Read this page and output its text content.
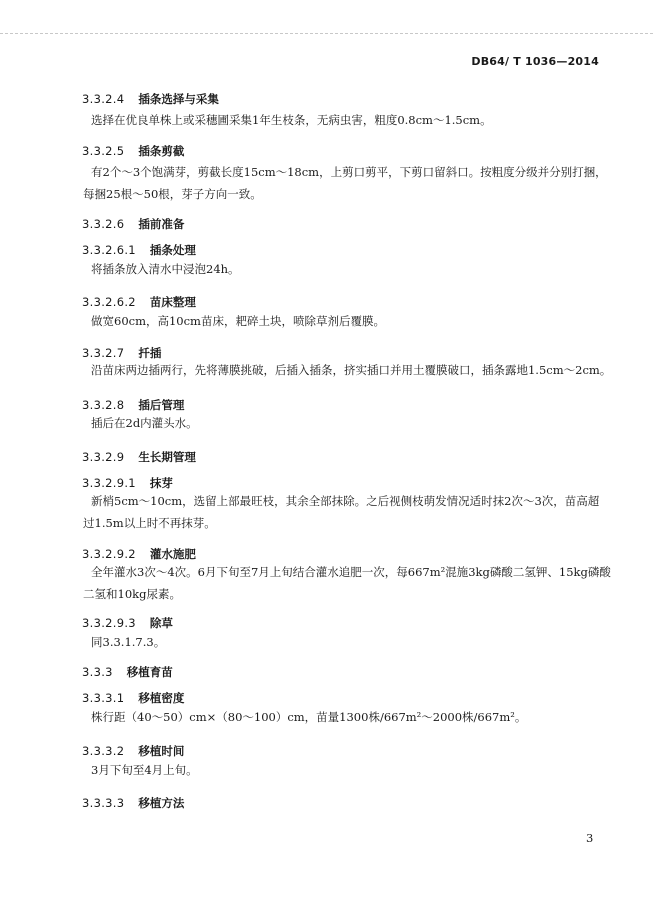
DB64/ T 1036—2014
3.3.2.4 插条选择与采集
选择在优良单株上或采穗圃采集1年生枝条，无病虫害，粗度0.8cm～1.5cm。
3.3.2.5 插条剪截
有2个～3个饱满芽，剪截长度15cm～18cm，上剪口剪平，下剪口留斜口。按粗度分级并分别打捆，
每捆25根～50根，芽子方向一致。
3.3.2.6 插前准备
3.3.2.6.1 插条处理
将插条放入清水中浸泡24h。
3.3.2.6.2 苗床整理
做宽60cm，高10cm苗床，耙碎土块，喷除草剂后覆膜。
3.3.2.7 扦插
沿苗床两边插两行，先将薄膜挑破，后插入插条，挤实插口并用土覆膜破口，插条露地1.5cm～2cm。
3.3.2.8 插后管理
插后在2d内灌头水。
3.3.2.9 生长期管理
3.3.2.9.1 抹芽
新梢5cm～10cm，选留上部最旺枝，其余全部抹除。之后视侧枝萌发情况适时抹2次～3次，苗高超
过1.5m以上时不再抹芽。
3.3.2.9.2 灌水施肥
全年灌水3次～4次。6月下旬至7月上旬结合灌水追肥一次，每667m²混施3kg磷酸二氢钾、15kg磷酸
二氢和10kg尿素。
3.3.2.9.3 除草
同3.3.1.7.3。
3.3.3 移植育苗
3.3.3.1 移植密度
株行距（40～50）cm×（80～100）cm，苗量1300株/667m²～2000株/667m²。
3.3.3.2 移植时间
3月下旬至4月上旬。
3.3.3.3 移植方法
3
